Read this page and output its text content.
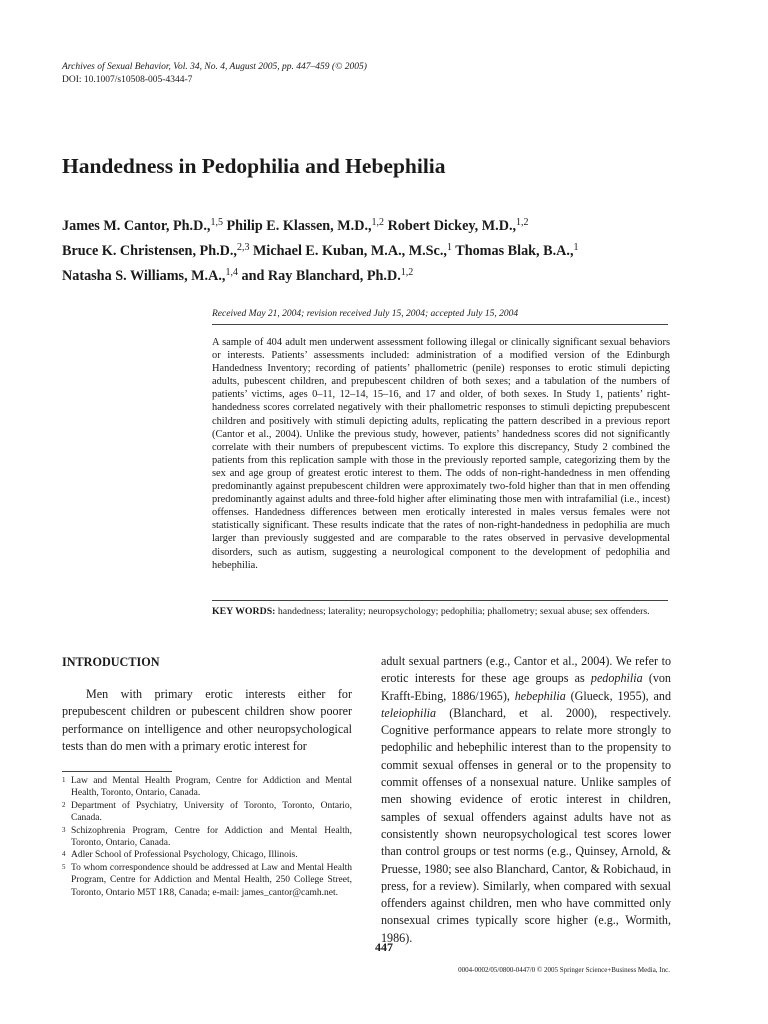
Archives of Sexual Behavior, Vol. 34, No. 4, August 2005, pp. 447–459 (© 2005)
DOI: 10.1007/s10508-005-4344-7
Handedness in Pedophilia and Hebephilia
James M. Cantor, Ph.D.,$^{1,5}$ Philip E. Klassen, M.D.,$^{1,2}$ Robert Dickey, M.D.,$^{1,2}$
Bruce K. Christensen, Ph.D.,$^{2,3}$ Michael E. Kuban, M.A., M.Sc.,$^1$ Thomas Blak, B.A.,$^1$
Natasha S. Williams, M.A.,$^{1,4}$ and Ray Blanchard, Ph.D.$^{1,2}$
Received May 21, 2004; revision received July 15, 2004; accepted July 15, 2004

A sample of 404 adult men underwent assessment following illegal or clinically significant sexual behaviors or interests. Patients’ assessments included: administration of a modified version of the Edinburgh Handedness Inventory; recording of patients’ phallometric (penile) responses to erotic stimuli depicting adults, pubescent children, and prepubescent children of both sexes; and a tabulation of the numbers of patients’ victims, ages 0–11, 12–14, 15–16, and 17 and older, of both sexes. In Study 1, patients’ right-handedness scores correlated negatively with their phallometric responses to stimuli depicting prepubescent children and positively with stimuli depicting adults, replicating the pattern described in a previous report (Cantor et al., 2004). Unlike the previous study, however, patients’ handedness scores did not significantly correlate with their numbers of prepubescent victims. To explore this discrepancy, Study 2 combined the patients from this replication sample with those in the previously reported sample, categorizing them by the sex and age group of greatest erotic interest to them. The odds of non-right-handedness in men offending predominantly against prepubescent children were approximately two-fold higher than that in men offending predominantly against adults and three-fold higher after eliminating those men with intrafamilial (i.e., incest) offenses. Handedness differences between men erotically interested in males versus females were not statistically significant. These results indicate that the rates of non-right-handedness in pedophilia are much larger than previously suggested and are comparable to the rates observed in pervasive developmental disorders, such as autism, suggesting a neurological component to the development of pedophilia and hebephilia.

KEY WORDS: handedness; laterality; neuropsychology; pedophilia; phallometry; sexual abuse; sex offenders.
INTRODUCTION

Men with primary erotic interests either for prepubescent children or pubescent children show poorer performance on intelligence and other neuropsychological tests than do men with a primary erotic interest for

1 Law and Mental Health Program, Centre for Addiction and Mental Health, Toronto, Ontario, Canada.

2 Department of Psychiatry, University of Toronto, Toronto, Ontario, Canada.

3 Schizophrenia Program, Centre for Addiction and Mental Health, Toronto, Ontario, Canada.

4 Adler School of Professional Psychology, Chicago, Illinois.

5 To whom correspondence should be addressed at Law and Mental Health Program, Centre for Addiction and Mental Health, 250 College Street, Toronto, Ontario M5T 1R8, Canada; e-mail: james_cantor@camh.net.

adult sexual partners (e.g., Cantor et al., 2004). We refer to erotic interests for these age groups as pedophilia (von Krafft-Ebing, 1886/1965), hebephilia (Glueck, 1955), and teleiophilia (Blanchard, et al. 2000), respectively. Cognitive performance appears to relate more strongly to pedophilic and hebephilic interest than to the propensity to commit sexual offenses in general or to the propensity to commit offenses of a nonsexual nature. Unlike samples of men showing evidence of erotic interest in children, samples of sexual offenders against adults have not as consistently shown neuropsychological test scores lower than control groups or test norms (e.g., Quinsey, Arnold, & Pruesse, 1980; see also Blanchard, Cantor, & Robichaud, in press, for a review). Similarly, when compared with sexual offenders against children, men who have committed only nonsexual crimes typically score higher (e.g., Wormith, 1986).

447
0004-0002/05/0800-0447/0 © 2005 Springer Science+Business Media, Inc.
